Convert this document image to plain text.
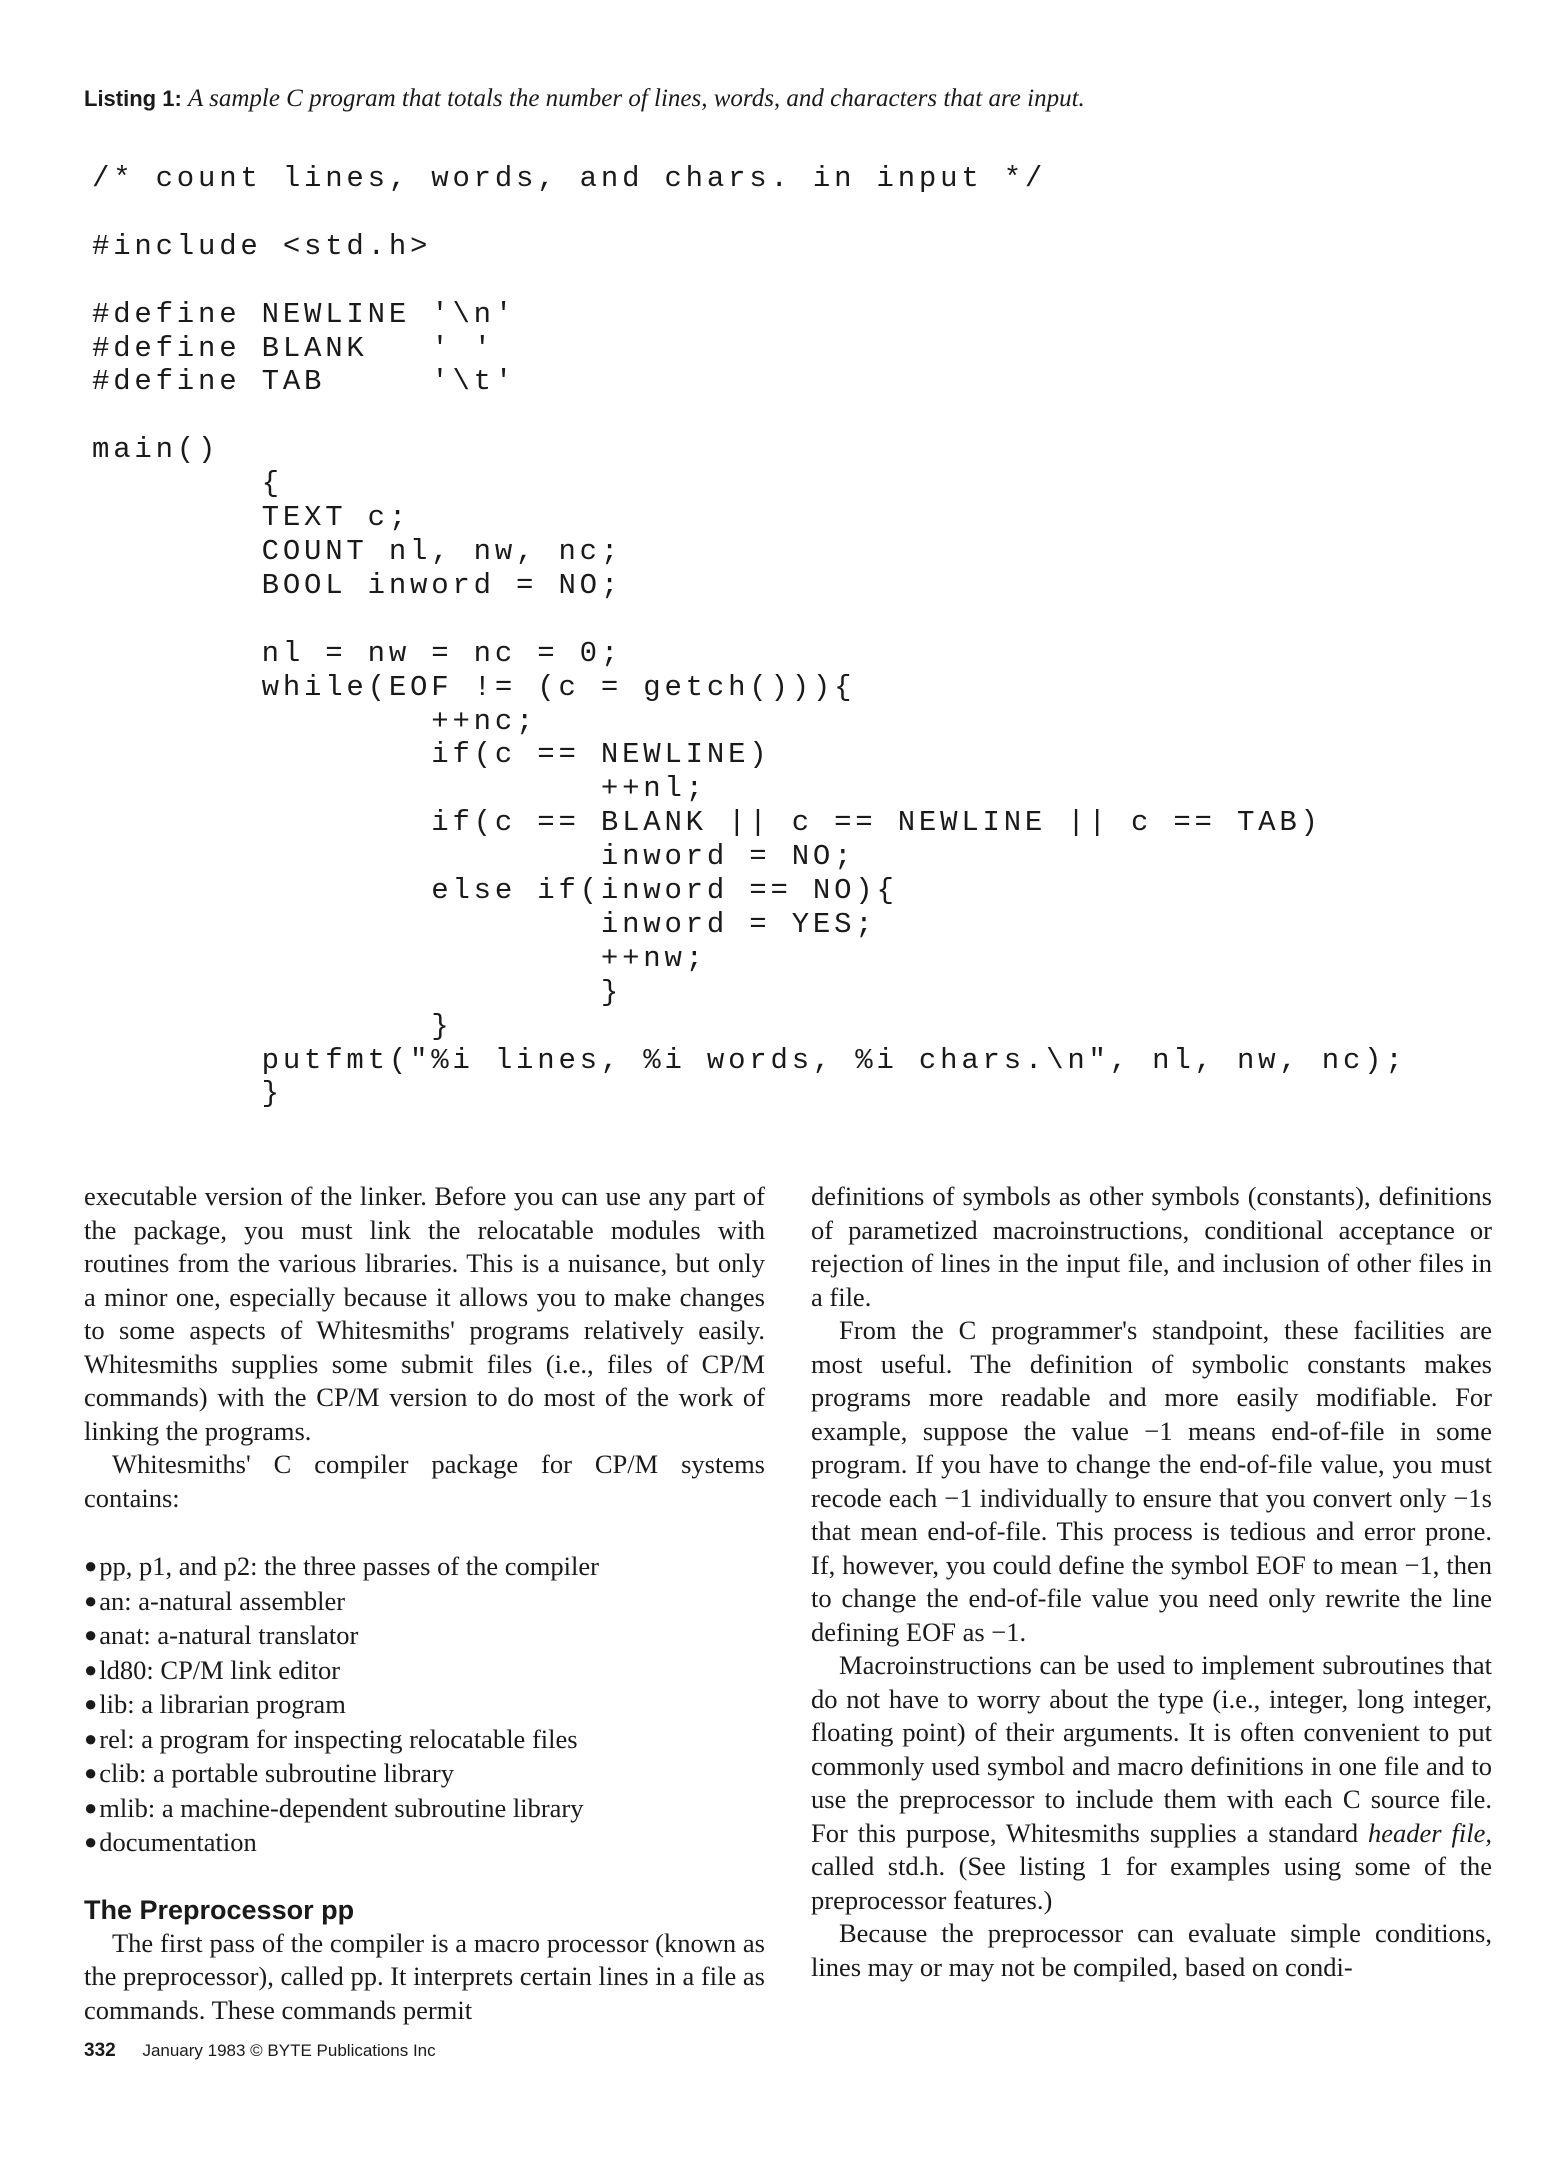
Listing 1: A sample C program that totals the number of lines, words, and characters that are input.
/* count lines, words, and chars. in input */

#include <std.h>

#define NEWLINE '\n'
#define BLANK   ' '
#define TAB     '\t'

main()
{
TEXT c;
COUNT nl, nw, nc;
BOOL inword = NO;

nl = nw = nc = 0;
while(EOF != (c = getch())){
++nc;
if(c == NEWLINE)
++nl;
if(c == BLANK || c == NEWLINE || c == TAB)
inword = NO;
else if(inword == NO){
inword = YES;
++nw;
}
}
putfmt("%i lines, %i words, %i chars.\n", nl, nw, nc);
}

executable version of the linker. Before you can use any part of the package, you must link the relocatable modules with routines from the various libraries. This is a nuisance, but only a minor one, especially because it allows you to make changes to some aspects of Whitesmiths' programs relatively easily. Whitesmiths supplies some submit files (i.e., files of CP/M commands) with the CP/M version to do most of the work of linking the programs.

Whitesmiths' C compiler package for CP/M systems contains:

●pp, p1, and p2: the three passes of the compiler
●an: a-natural assembler
●anat: a-natural translator
●ld80: CP/M link editor
●lib: a librarian program
●rel: a program for inspecting relocatable files
●clib: a portable subroutine library
●mlib: a machine-dependent subroutine library
●documentation
The Preprocessor pp

The first pass of the compiler is a macro processor (known as the preprocessor), called pp. It interprets certain lines in a file as commands. These commands permit

definitions of symbols as other symbols (constants), definitions of parametized macroinstructions, conditional acceptance or rejection of lines in the input file, and inclusion of other files in a file.

From the C programmer's standpoint, these facilities are most useful. The definition of symbolic constants makes programs more readable and more easily modifiable. For example, suppose the value −1 means end-of-file in some program. If you have to change the end-of-file value, you must recode each −1 individually to ensure that you convert only −1s that mean end-of-file. This process is tedious and error prone. If, however, you could define the symbol EOF to mean −1, then to change the end-of-file value you need only rewrite the line defining EOF as −1.

Macroinstructions can be used to implement subroutines that do not have to worry about the type (i.e., integer, long integer, floating point) of their arguments. It is often convenient to put commonly used symbol and macro definitions in one file and to use the preprocessor to include them with each C source file. For this purpose, Whitesmiths supplies a standard header file, called std.h. (See listing 1 for examples using some of the preprocessor features.)

Because the preprocessor can evaluate simple conditions, lines may or may not be compiled, based on condi-

332 January 1983 © BYTE Publications Inc
